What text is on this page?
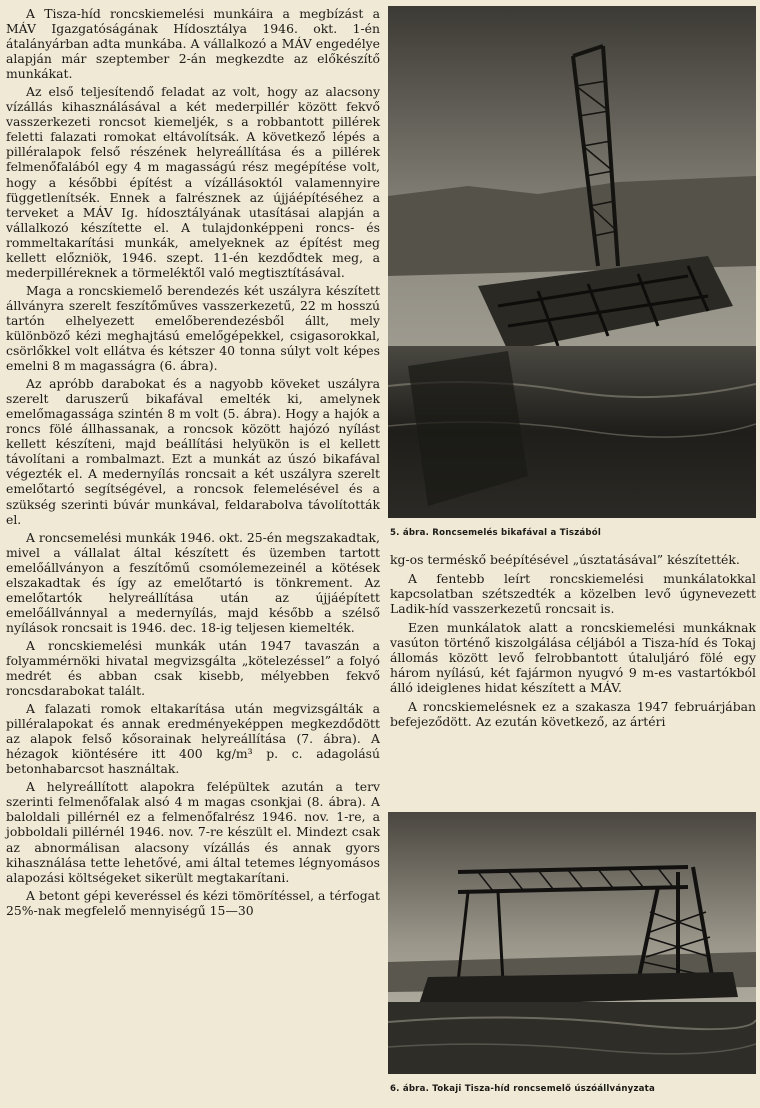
A Tisza-híd roncskiemelési munkáira a megbízást a MÁV Igazgatóságának Hídosztálya 1946. okt. 1-én átalányárban adta munkába. A vállalkozó a MÁV engedélye alapján már szeptember 2-án megkezdte az előkészítő munkákat.

Az első teljesítendő feladat az volt, hogy az alacsony vízállás kihasználásával a két mederpillér között fekvő vasszerkezeti roncsot kiemeljék, s a robbantott pillérek feletti falazati romokat eltávolítsák. A következő lépés a pilléralapok felső részének helyreállítása és a pillérek felmenőfalából egy 4 m magasságú rész megépítése volt, hogy a későbbi építést a vízállásoktól valamennyire függetlenítsék. Ennek a falrésznek az újjáépítéséhez a terveket a MÁV Ig. hídosztályának utasításai alapján a vállalkozó készítette el. A tulajdonképpeni roncs- és rommeltakarítási munkák, amelyeknek az építést meg kellett előzniök, 1946. szept. 11-én kezdődtek meg, a mederpilléreknek a törmeléktől való megtisztításával.

Maga a roncskiemelő berendezés két uszályra készített állványra szerelt feszítőműves vasszerkezetű, 22 m hosszú tartón elhelyezett emelőberendezésből állt, mely különböző kézi meghajtású emelőgépekkel, csigasorokkal, csörlőkkel volt ellátva és kétszer 40 tonna súlyt volt képes emelni 8 m magasságra (6. ábra).

Az apróbb darabokat és a nagyobb köveket uszályra szerelt daruszerű bikafával emelték ki, amelynek emelőmagassága szintén 8 m volt (5. ábra). Hogy a hajók a roncs fölé állhassanak, a roncsok között hajózó nyílást kellett készíteni, majd beállítási helyükön is el kellett távolítani a rombalmazt. Ezt a munkát az úszó bikafával végezték el. A medernyílás roncsait a két uszályra szerelt emelőtartó segítségével, a roncsok felemelésével és a szükség szerinti búvár munkával, feldarabolva távolították el.

A roncsemelési munkák 1946. okt. 25-én megszakadtak, mivel a vállalat által készített és üzemben tartott emelőállványon a feszítőmű csomólemezeinél a kötések elszakadtak és így az emelőtartó is tönkrement. Az emelőtartók helyreállítása után az újjáépített emelőállvánnyal a medernyílás, majd később a szélső nyílások roncsait is 1946. dec. 18-ig teljesen kiemelték.

A roncskiemelési munkák után 1947 tavaszán a folyammérnöki hivatal megvizsgálta „kötelezéssel” a folyó medrét és abban csak kisebb, mélyebben fekvő roncsdarabokat talált.

A falazati romok eltakarítása után megvizsgálták a pilléralapokat és annak eredményeképpen megkezdődött az alapok felső kősorainak helyreállítása (7. ábra). A hézagok kiöntésére itt 400 kg/m³ p. c. adagolású betonhabarcsot használtak.

A helyreállított alapokra felépültek azután a terv szerinti felmenőfalak alsó 4 m magas csonkjai (8. ábra). A baloldali pillérnél ez a felmenőfalrész 1946. nov. 1-re, a jobboldali pillérnél 1946. nov. 7-re készült el. Mindezt csak az abnormálisan alacsony vízállás és annak gyors kihasználása tette lehetővé, ami által tetemes légnyomásos alapozási költségeket sikerült megtakarítani.

A betont gépi keveréssel és kézi tömörítéssel, a térfogat 25%-nak megfelelő mennyiségű 15—30

5. ábra. Roncsemelés bikafával a Tiszából

kg-os terméskő beépítésével „úsztatásával” készítették.

A fentebb leírt roncskiemelési munkálatokkal kapcsolatban szétszedték a közelben levő úgynevezett Ladik-híd vasszerkezetű roncsait is.

Ezen munkálatok alatt a roncskiemelési munkáknak vasúton történő kiszolgálása céljából a Tisza-híd és Tokaj állomás között levő felrobbantott útaluljáró fölé egy három nyílású, két fajármon nyugvó 9 m-es vastartókból álló ideiglenes hidat készített a MÁV.

A roncskiemelésnek ez a szakasza 1947 februárjában befejeződött. Az ezután következő, az ártéri

6. ábra. Tokaji Tisza-híd roncsemelő úszóállványzata
